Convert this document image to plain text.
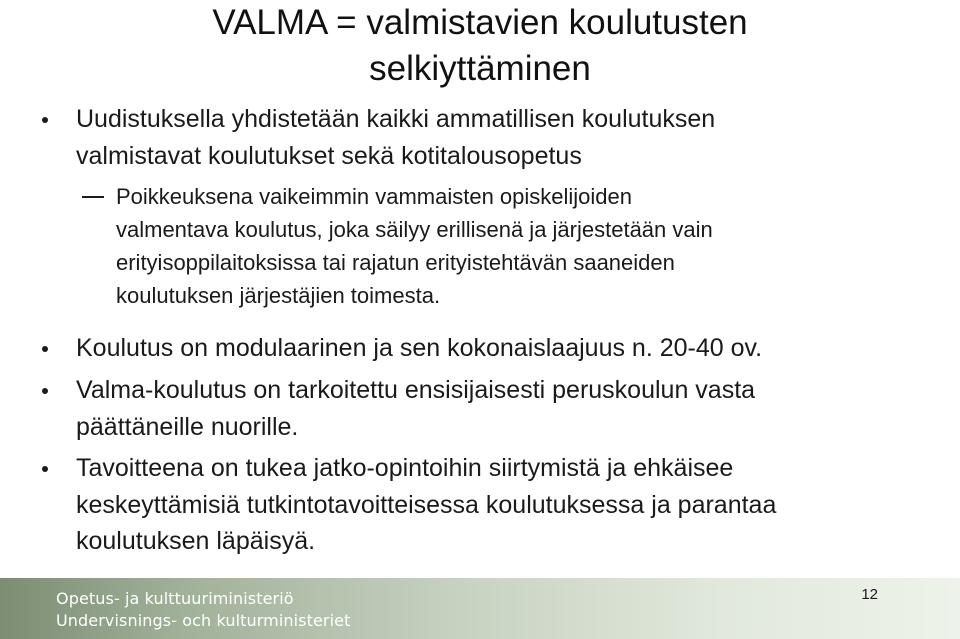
VALMA = valmistavien koulutusten
selkiyttäminen
Uudistuksella yhdistetään kaikki ammatillisen koulutuksen
valmistavat koulutukset sekä kotitalousopetus
Poikkeuksena vaikeimmin vammaisten opiskelijoiden
valmentava koulutus, joka säilyy erillisenä ja järjestetään vain
erityisoppilaitoksissa tai rajatun erityistehtävän saaneiden
koulutuksen järjestäjien toimesta.
Koulutus on modulaarinen ja sen kokonaislaajuus n. 20-40 ov.
Valma-koulutus on tarkoitettu ensisijaisesti peruskoulun vasta
päättäneille nuorille.
Tavoitteena on tukea jatko-opintoihin siirtymistä ja ehkäisee
keskeyttämisiä tutkintotavoitteisessa koulutuksessa ja parantaa
koulutuksen läpäisyä.
Opetus- ja kulttuuriministeriö
Undervisnings- och kulturministeriet
12
